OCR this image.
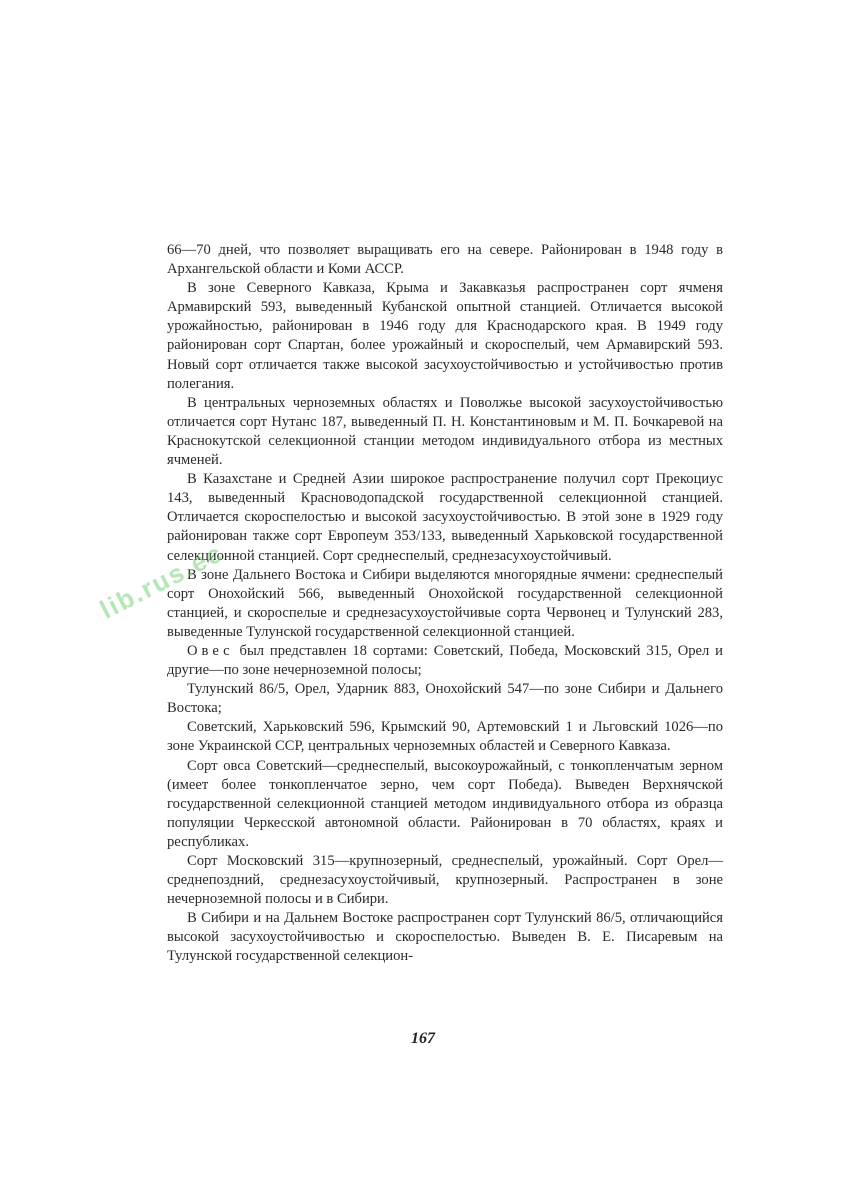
66—70 дней, что позволяет выращивать его на севере. Районирован в 1948 году в Архангельской области и Коми АССР.

В зоне Северного Кавказа, Крыма и Закавказья распространен сорт ячменя Армавирский 593, выведенный Кубанской опытной станцией. Отличается высокой урожайностью, районирован в 1946 году для Краснодарского края. В 1949 году районирован сорт Спартан, более урожайный и скороспелый, чем Армавирский 593. Новый сорт отличается также высокой засухоустойчивостью и устойчивостью против полегания.

В центральных черноземных областях и Поволжье высокой засухоустойчивостью отличается сорт Нутанс 187, выведенный П. Н. Константиновым и М. П. Бочкаревой на Краснокутской селекционной станции методом индивидуального отбора из местных ячменей.

В Казахстане и Средней Азии широкое распространение получил сорт Прекоциус 143, выведенный Красноводопадской государственной селекционной станцией. Отличается скороспелостью и высокой засухоустойчивостью. В этой зоне в 1929 году районирован также сорт Европеум 353/133, выведенный Харьковской государственной селекционной станцией. Сорт среднеспелый, среднезасухоустойчивый.

В зоне Дальнего Востока и Сибири выделяются многорядные ячмени: среднеспелый сорт Онохойский 566, выведенный Онохойской государственной селекционной станцией, и скороспелые и среднезасухоустойчивые сорта Червонец и Тулунский 283, выведенные Тулунской государственной селекционной станцией.

Овес был представлен 18 сортами: Советский, Победа, Московский 315, Орел и другие—по зоне нечерноземной полосы;

Тулунский 86/5, Орел, Ударник 883, Онохойский 547—по зоне Сибири и Дальнего Востока;

Советский, Харьковский 596, Крымский 90, Артемовский 1 и Льговский 1026—по зоне Украинской ССР, центральных черноземных областей и Северного Кавказа.

Сорт овса Советский—среднеспелый, высокоурожайный, с тонкопленчатым зерном (имеет более тонкопленчатое зерно, чем сорт Победа). Выведен Верхнячской государственной селекционной станцией методом индивидуального отбора из образца популяции Черкесской автономной области. Районирован в 70 областях, краях и республиках.

Сорт Московский 315—крупнозерный, среднеспелый, урожайный. Сорт Орел—среднепоздний, среднезасухоустойчивый, крупнозерный. Распространен в зоне нечерноземной полосы и в Сибири.

В Сибири и на Дальнем Востоке распространен сорт Тулунский 86/5, отличающийся высокой засухоустойчивостью и скороспелостью. Выведен В. Е. Писаревым на Тулунской государственной селекцион-

lib.rus.ec
167
